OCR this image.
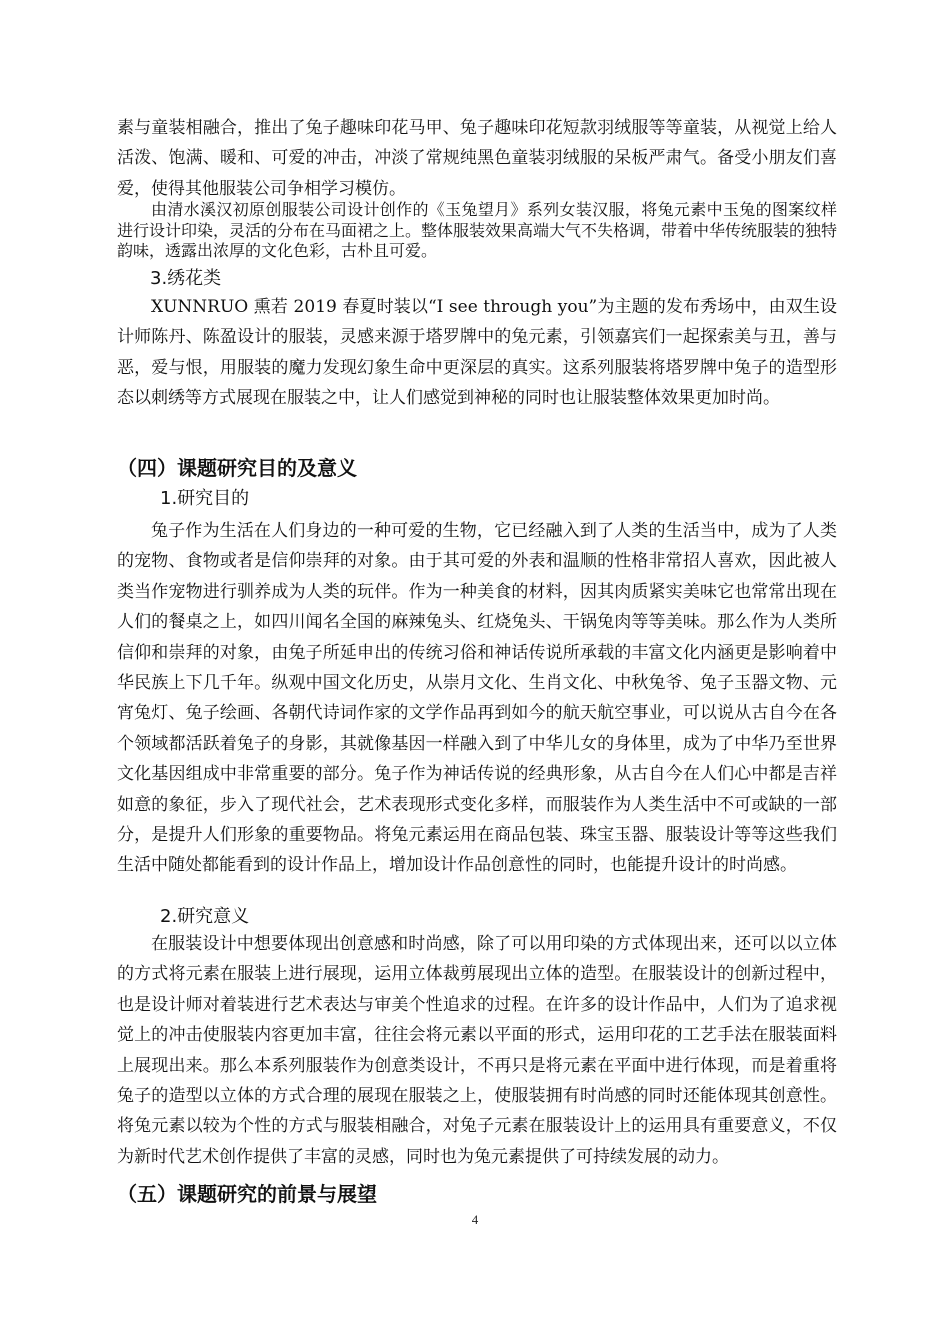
素与童装相融合，推出了兔子趣味印花马甲、兔子趣味印花短款羽绒服等等童装，从视觉上给人活泼、饱满、暖和、可爱的冲击，冲淡了常规纯黑色童装羽绒服的呆板严肃气。备受小朋友们喜爱，使得其他服装公司争相学习模仿。

由清水溪汉初原创服装公司设计创作的《玉兔望月》系列女装汉服，将兔元素中玉兔的图案纹样进行设计印染，灵活的分布在马面裙之上。整体服装效果高端大气不失格调，带着中华传统服装的独特韵味，透露出浓厚的文化色彩，古朴且可爱。

3.绣花类

XUNNRUO 熏若 2019 春夏时装以“I see through you”为主题的发布秀场中，由双生设计师陈丹、陈盈设计的服装，灵感来源于塔罗牌中的兔元素，引领嘉宾们一起探索美与丑，善与恶，爱与恨，用服装的魔力发现幻象生命中更深层的真实。这系列服装将塔罗牌中兔子的造型形态以刺绣等方式展现在服装之中，让人们感觉到神秘的同时也让服装整体效果更加时尚。

（四）课题研究目的及意义

1.研究目的

兔子作为生活在人们身边的一种可爱的生物，它已经融入到了人类的生活当中，成为了人类的宠物、食物或者是信仰崇拜的对象。由于其可爱的外表和温顺的性格非常招人喜欢，因此被人类当作宠物进行驯养成为人类的玩伴。作为一种美食的材料，因其肉质紧实美味它也常常出现在人们的餐桌之上，如四川闻名全国的麻辣兔头、红烧兔头、干锅兔肉等等美味。那么作为人类所信仰和崇拜的对象，由兔子所延申出的传统习俗和神话传说所承载的丰富文化内涵更是影响着中华民族上下几千年。纵观中国文化历史，从崇月文化、生肖文化、中秋兔爷、兔子玉器文物、元宵兔灯、兔子绘画、各朝代诗词作家的文学作品再到如今的航天航空事业，可以说从古自今在各个领域都活跃着兔子的身影，其就像基因一样融入到了中华儿女的身体里，成为了中华乃至世界文化基因组成中非常重要的部分。兔子作为神话传说的经典形象，从古自今在人们心中都是吉祥如意的象征，步入了现代社会，艺术表现形式变化多样，而服装作为人类生活中不可或缺的一部分，是提升人们形象的重要物品。将兔元素运用在商品包装、珠宝玉器、服装设计等等这些我们生活中随处都能看到的设计作品上，增加设计作品创意性的同时，也能提升设计的时尚感。

2.研究意义

在服装设计中想要体现出创意感和时尚感，除了可以用印染的方式体现出来，还可以以立体的方式将元素在服装上进行展现，运用立体裁剪展现出立体的造型。在服装设计的创新过程中，也是设计师对着装进行艺术表达与审美个性追求的过程。在许多的设计作品中，人们为了追求视觉上的冲击使服装内容更加丰富，往往会将元素以平面的形式，运用印花的工艺手法在服装面料上展现出来。那么本系列服装作为创意类设计，不再只是将元素在平面中进行体现，而是着重将兔子的造型以立体的方式合理的展现在服装之上，使服装拥有时尚感的同时还能体现其创意性。将兔元素以较为个性的方式与服装相融合，对兔子元素在服装设计上的运用具有重要意义，不仅为新时代艺术创作提供了丰富的灵感，同时也为兔元素提供了可持续发展的动力。

（五）课题研究的前景与展望

4
